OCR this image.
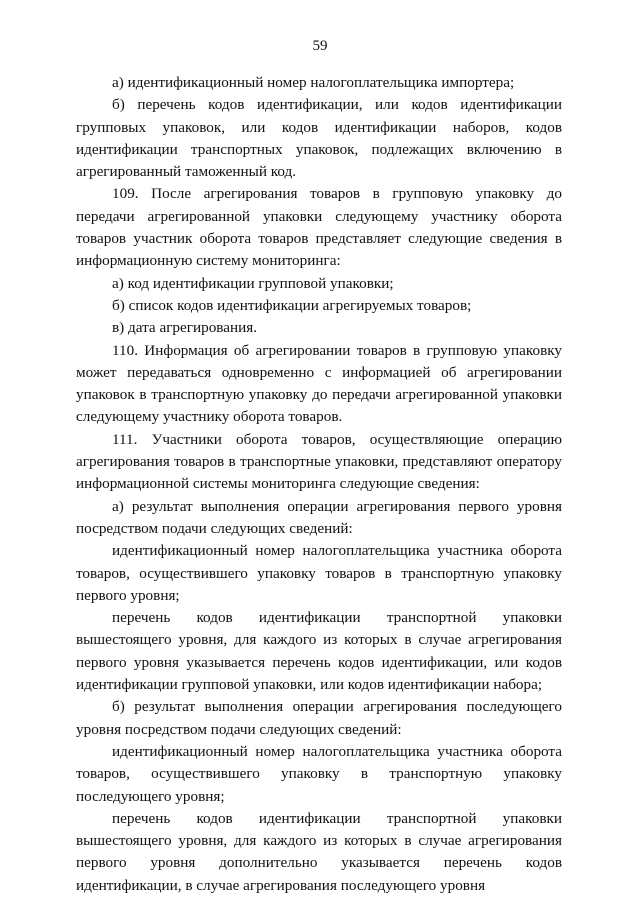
59

а) идентификационный номер налогоплательщика импортера;

б) перечень кодов идентификации, или кодов идентификации групповых упаковок, или кодов идентификации наборов, кодов идентификации транспортных упаковок, подлежащих включению в агрегированный таможенный код.

109. После агрегирования товаров в групповую упаковку до передачи агрегированной упаковки следующему участнику оборота товаров участник оборота товаров представляет следующие сведения в информационную систему мониторинга:

а) код идентификации групповой упаковки;

б) список кодов идентификации агрегируемых товаров;

в) дата агрегирования.

110. Информация об агрегировании товаров в групповую упаковку может передаваться одновременно с информацией об агрегировании упаковок в транспортную упаковку до передачи агрегированной упаковки следующему участнику оборота товаров.

111. Участники оборота товаров, осуществляющие операцию агрегирования товаров в транспортные упаковки, представляют оператору информационной системы мониторинга следующие сведения:

а) результат выполнения операции агрегирования первого уровня посредством подачи следующих сведений:

идентификационный номер налогоплательщика участника оборота товаров, осуществившего упаковку товаров в транспортную упаковку первого уровня;

перечень кодов идентификации транспортной упаковки вышестоящего уровня, для каждого из которых в случае агрегирования первого уровня указывается перечень кодов идентификации, или кодов идентификации групповой упаковки, или кодов идентификации набора;

б) результат выполнения операции агрегирования последующего уровня посредством подачи следующих сведений:

идентификационный номер налогоплательщика участника оборота товаров, осуществившего упаковку в транспортную упаковку последующего уровня;

перечень кодов идентификации транспортной упаковки вышестоящего уровня, для каждого из которых в случае агрегирования первого уровня дополнительно указывается перечень кодов идентификации, в случае агрегирования последующего уровня
